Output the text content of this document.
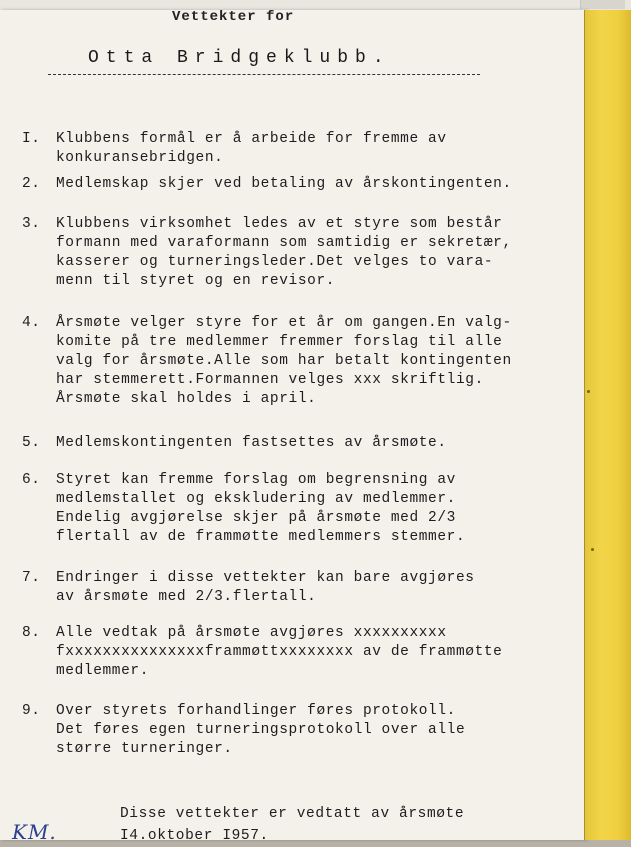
Vettekter for
Otta Bridgeklubb.
I. Klubbens formål er å arbeide for fremme av
konkuransebridgen.
2. Medlemskap skjer ved betaling av årskontingenten.
3. Klubbens virksomhet ledes av et styre som består
formann med varaformann som samtidig er sekretær,
kasserer og turneringsleder.Det velges to vara-
menn til styret og en revisor.
4. Årsmøte velger styre for et år om gangen.En valg-
komite på tre medlemmer fremmer forslag til alle
valg for årsmøte.Alle som har betalt kontingenten
har stemmerett.Formannen velges xxx skriftlig.
Årsmøte skal holdes i april.
5. Medlemskontingenten fastsettes av årsmøte.
6. Styret kan fremme forslag om begrensning av
medlemstallet og ekskludering av medlemmer.
Endelig avgjørelse skjer på årsmøte med 2/3
flertall av de frammøtte medlemmers stemmer.
7. Endringer i disse vettekter kan bare avgjøres
av årsmøte med 2/3.flertall.
8. Alle vedtak på årsmøte avgjøres xxxxxxxxxx
fxxxxxxxxxxxxxxxframmøttxxxxxxxx av de frammøtte
medlemmer.
9. Over styrets forhandlinger føres protokoll.
Det føres egen turneringsprotokoll over alle
større turneringer.
Disse vettekter er vedtatt av årsmøte
I4.oktober I957.
KM.
